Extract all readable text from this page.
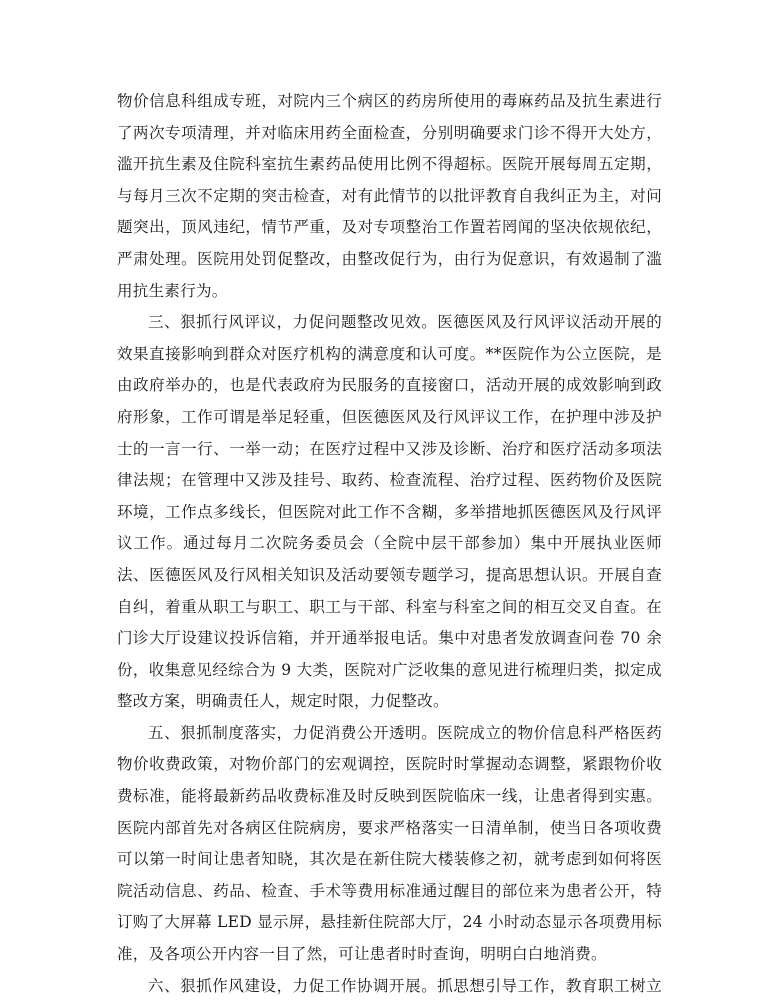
物价信息科组成专班，对院内三个病区的药房所使用的毒麻药品及抗生素进行
了两次专项清理，并对临床用药全面检查，分别明确要求门诊不得开大处方，
滥开抗生素及住院科室抗生素药品使用比例不得超标。医院开展每周五定期，
与每月三次不定期的突击检查，对有此情节的以批评教育自我纠正为主，对问
题突出，顶风违纪，情节严重，及对专项整治工作置若罔闻的坚决依规依纪，
严肃处理。医院用处罚促整改，由整改促行为，由行为促意识，有效遏制了滥
用抗生素行为。
三、狠抓行风评议，力促问题整改见效。医德医风及行风评议活动开展的
效果直接影响到群众对医疗机构的满意度和认可度。**医院作为公立医院，是
由政府举办的，也是代表政府为民服务的直接窗口，活动开展的成效影响到政
府形象，工作可谓是举足轻重，但医德医风及行风评议工作，在护理中涉及护
士的一言一行、一举一动；在医疗过程中又涉及诊断、治疗和医疗活动多项法
律法规；在管理中又涉及挂号、取药、检查流程、治疗过程、医药物价及医院
环境，工作点多线长，但医院对此工作不含糊，多举措地抓医德医风及行风评
议工作。通过每月二次院务委员会（全院中层干部参加）集中开展执业医师
法、医德医风及行风相关知识及活动要领专题学习，提高思想认识。开展自查
自纠，着重从职工与职工、职工与干部、科室与科室之间的相互交叉自查。在
门诊大厅设建议投诉信箱，并开通举报电话。集中对患者发放调查问卷 70 余
份，收集意见经综合为 9 大类，医院对广泛收集的意见进行梳理归类，拟定成
整改方案，明确责任人，规定时限，力促整改。
五、狠抓制度落实，力促消费公开透明。医院成立的物价信息科严格医药
物价收费政策，对物价部门的宏观调控，医院时时掌握动态调整，紧跟物价收
费标准，能将最新药品收费标准及时反映到医院临床一线，让患者得到实惠。
医院内部首先对各病区住院病房，要求严格落实一日清单制，使当日各项收费
可以第一时间让患者知晓，其次是在新住院大楼装修之初，就考虑到如何将医
院活动信息、药品、检查、手术等费用标准通过醒目的部位来为患者公开，特
订购了大屏幕 LED 显示屏，悬挂新住院部大厅，24 小时动态显示各项费用标
准，及各项公开内容一目了然，可让患者时时查询，明明白白地消费。
六、狠抓作风建设，力促工作协调开展。抓思想引导工作，教育职工树立
